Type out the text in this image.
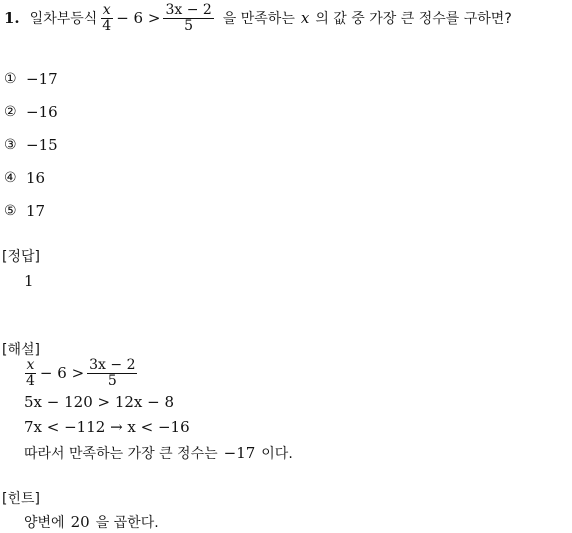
1. 일차부등식 $\frac{x}{4} - 6 > \frac{3x - 2}{5}$ 을 만족하는 x 의 값 중 가장 큰 정수를 구하면?
① −17
② −16
③ −15
④ 16
⑤ 17
[정답]
1
[해설]
$\frac{x}{4} - 6 > \frac{3x - 2}{5}$
5x − 120 > 12x − 8
7x < −112 → x < −16
따라서 만족하는 가장 큰 정수는 −17 이다.
[힌트]
양변에 20 을 곱한다.
